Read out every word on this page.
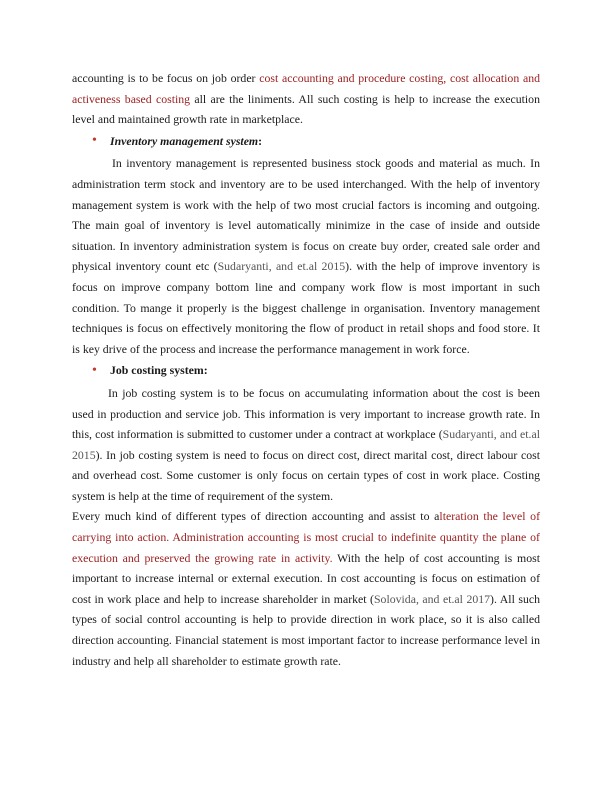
accounting is to be focus on job order cost accounting and procedure costing, cost allocation and activeness based costing all are the liniments. All such costing is help to increase the execution level and maintained growth rate in marketplace.

•	Inventory management system :

In inventory management is represented business stock goods and material as much. In administration term stock and inventory are to be used interchanged. With the help of inventory management system is work with the help of two most crucial factors is incoming and outgoing. The main goal of inventory is level automatically minimize in the case of inside and outside situation. In inventory administration system is focus on create buy order, created sale order and physical inventory count etc (Sudaryanti, and et.al 2015). with the help of improve inventory is focus on improve company bottom line and company work flow is most important in such condition. To mange it properly is the biggest challenge in organisation. Inventory management techniques is focus on effectively monitoring the flow of product in retail shops and food store. It is key drive of the process and increase the performance management in work force.

•	Job costing system:

In job costing system is to be focus on accumulating information about the cost is been used in production and service job. This information is very important to increase growth rate. In this, cost information is submitted to customer under a contract at workplace (Sudaryanti, and et.al 2015). In job costing system is need to focus on direct cost, direct marital cost, direct labour cost and overhead cost. Some customer is only focus on certain types of cost in work place. Costing system is help at the time of requirement of the system.

Every much kind of different types of direction accounting and assist to alteration the level of carrying into action. Administration accounting is most crucial to indefinite quantity the plane of execution and preserved the growing rate in activity. With the help of cost accounting is most important to increase internal or external execution. In cost accounting is focus on estimation of cost in work place and help to increase shareholder in market (Solovida, and et.al 2017). All such types of social control accounting is help to provide direction in work place, so it is also called direction accounting. Financial statement is most important factor to increase performance level in industry and help all shareholder to estimate growth rate.
